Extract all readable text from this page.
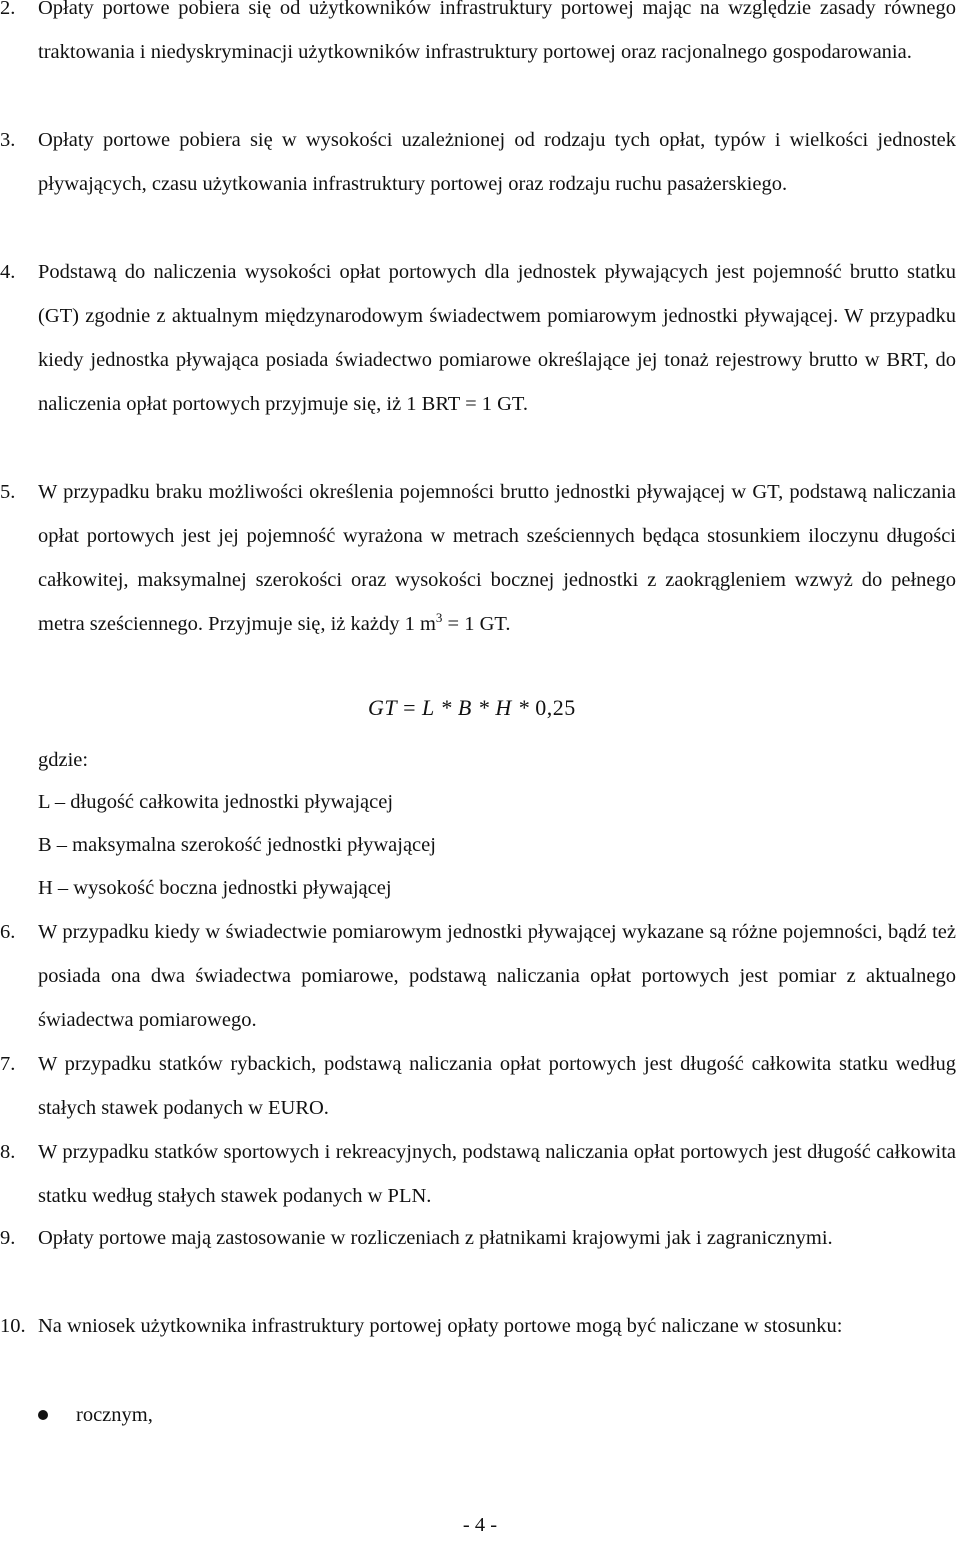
2.	Opłaty portowe pobiera się od użytkowników infrastruktury portowej mając na względzie zasady równego traktowania i niedyskryminacji użytkowników infrastruktury portowej oraz racjonalnego gospodarowania.
3.	Opłaty portowe pobiera się w wysokości uzależnionej od rodzaju tych opłat, typów i wielkości jednostek pływających, czasu użytkowania infrastruktury portowej oraz rodzaju ruchu pasażerskiego.
4.	Podstawą do naliczenia wysokości opłat portowych dla jednostek pływających jest pojemność brutto statku (GT) zgodnie z aktualnym międzynarodowym świadectwem pomiarowym jednostki pływającej. W przypadku kiedy jednostka pływająca posiada świadectwo pomiarowe określające jej tonaż rejestrowy brutto w BRT, do naliczenia opłat portowych przyjmuje się, iż 1 BRT = 1 GT.
5.	W przypadku braku możliwości określenia pojemności brutto jednostki pływającej w GT, podstawą naliczania opłat portowych jest jej pojemność wyrażona w metrach sześciennych będąca stosunkiem iloczynu długości całkowitej, maksymalnej szerokości oraz wysokości bocznej jednostki z zaokrągleniem wzwyż do pełnego metra sześciennego. Przyjmuje się, iż każdy 1 $m^3 = 1$ GT.
GT = L * B * H * 0,25
gdzie:
L – długość całkowita jednostki pływającej
B – maksymalna szerokość jednostki pływającej
H – wysokość boczna jednostki pływającej
6.	W przypadku kiedy w świadectwie pomiarowym jednostki pływającej wykazane są różne pojemności, bądź też posiada ona dwa świadectwa pomiarowe, podstawą naliczania opłat portowych jest pomiar z aktualnego świadectwa pomiarowego.
7.	W przypadku statków rybackich, podstawą naliczania opłat portowych jest długość całkowita statku według stałych stawek podanych w EURO.
8.	W przypadku statków sportowych i rekreacyjnych, podstawą naliczania opłat portowych jest długość całkowita statku według stałych stawek podanych w PLN.
9.	Opłaty portowe mają zastosowanie w rozliczeniach z płatnikami krajowymi jak i zagranicznymi.
10. Na wniosek użytkownika infrastruktury portowej opłaty portowe mogą być naliczane w stosunku:
rocznym,
- 4 -
